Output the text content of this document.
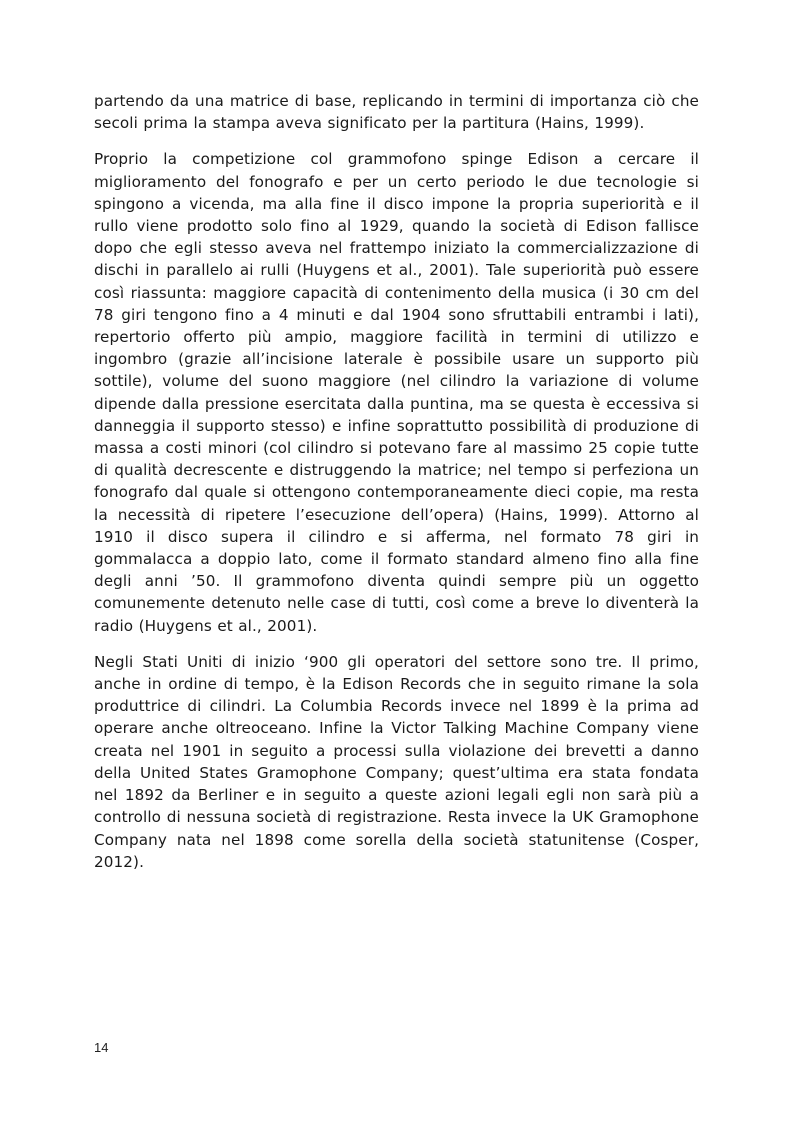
partendo da una matrice di base, replicando in termini di importanza ciò che secoli prima la stampa aveva significato per la partitura (Hains, 1999).

Proprio la competizione col grammofono spinge Edison a cercare il miglioramento del fonografo e per un certo periodo le due tecnologie si spingono a vicenda, ma alla fine il disco impone la propria superiorità e il rullo viene prodotto solo fino al 1929, quando la società di Edison fallisce dopo che egli stesso aveva nel frattempo iniziato la commercializzazione di dischi in parallelo ai rulli (Huygens et al., 2001). Tale superiorità può essere così riassunta: maggiore capacità di contenimento della musica (i 30 cm del 78 giri tengono fino a 4 minuti e dal 1904 sono sfruttabili entrambi i lati), repertorio offerto più ampio, maggiore facilità in termini di utilizzo e ingombro (grazie all’incisione laterale è possibile usare un supporto più sottile), volume del suono maggiore (nel cilindro la variazione di volume dipende dalla pressione esercitata dalla puntina, ma se questa è eccessiva si danneggia il supporto stesso) e infine soprattutto possibilità di produzione di massa a costi minori (col cilindro si potevano fare al massimo 25 copie tutte di qualità decrescente e distruggendo la matrice; nel tempo si perfeziona un fonografo dal quale si ottengono contemporaneamente dieci copie, ma resta la necessità di ripetere l’esecuzione dell’opera) (Hains, 1999). Attorno al 1910 il disco supera il cilindro e si afferma, nel formato 78 giri in gommalacca a doppio lato, come il formato standard almeno fino alla fine degli anni ’50. Il grammofono diventa quindi sempre più un oggetto comunemente detenuto nelle case di tutti, così come a breve lo diventerà la radio (Huygens et al., 2001).

Negli Stati Uniti di inizio ‘900 gli operatori del settore sono tre. Il primo, anche in ordine di tempo, è la Edison Records che in seguito rimane la sola produttrice di cilindri. La Columbia Records invece nel 1899 è la prima ad operare anche oltreoceano. Infine la Victor Talking Machine Company viene creata nel 1901 in seguito a processi sulla violazione dei brevetti a danno della United States Gramophone Company; quest’ultima era stata fondata nel 1892 da Berliner e in seguito a queste azioni legali egli non sarà più a controllo di nessuna società di registrazione. Resta invece la UK Gramophone Company nata nel 1898 come sorella della società statunitense (Cosper, 2012).

14
